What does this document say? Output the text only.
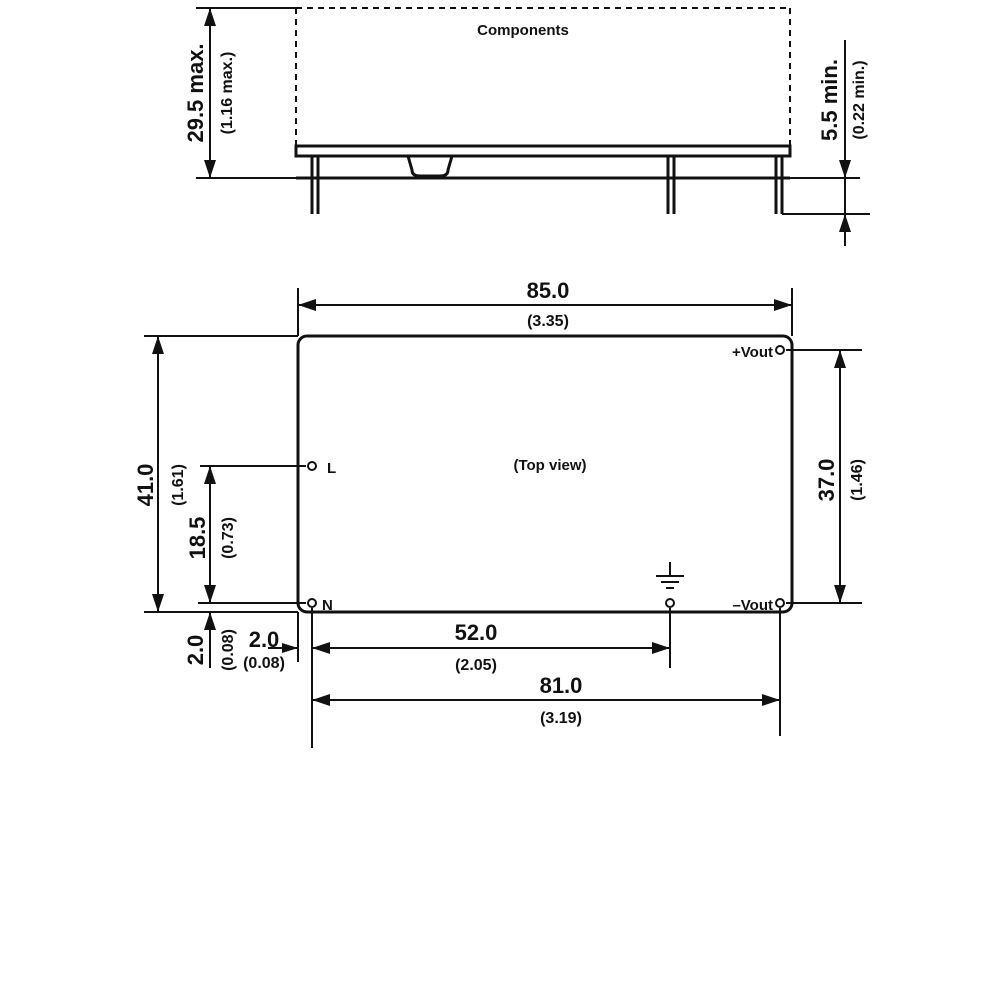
Components
29.5 max. (1.16 max.)	5.5 min. (0.22 min.)
(Top view)
L
N
+Vout
–Vout
85.0
(3.35)
41.0 (1.61)
18.5 (0.73)
2.0 (0.08) 2.0
(0.08)
52.0
(2.05)
81.0
(3.19)
37.0 (1.46)
